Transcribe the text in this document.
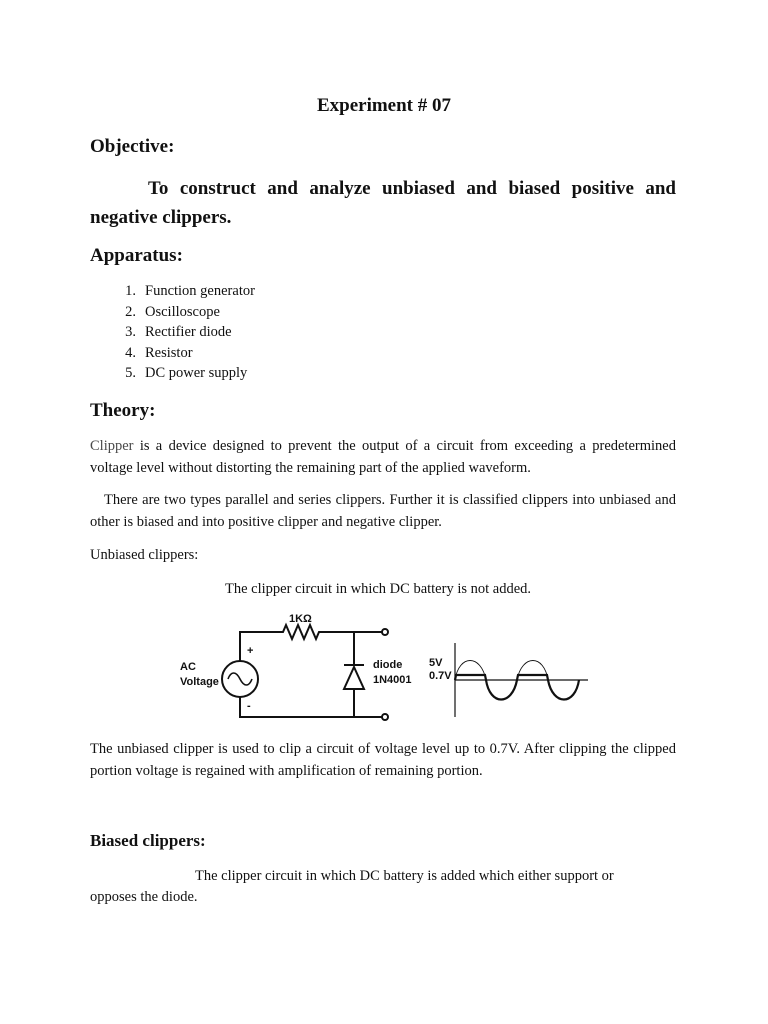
Experiment # 07
Objective:
To construct and analyze unbiased and biased positive and negative clippers.
Apparatus:
1. Function generator
2. Oscilloscope
3. Rectifier diode
4. Resistor
5. DC power supply
Theory:
Clipper is a device designed to prevent the output of a circuit from exceeding a predetermined voltage level without distorting the remaining part of the applied waveform.
There are two types parallel and series clippers. Further it is classified clippers into unbiased and other is biased and into positive clipper and negative clipper.
Unbiased clippers:
The clipper circuit in which DC battery is not added.
1KΩ
AC
Voltage
+
-
diode
1N4001
5V
0.7V
The unbiased clipper is used to clip a circuit of voltage level up to 0.7V. After clipping the clipped portion voltage is regained with amplification of remaining portion.
Biased clippers:
The clipper circuit in which DC battery is added which either support or
opposes the diode.
